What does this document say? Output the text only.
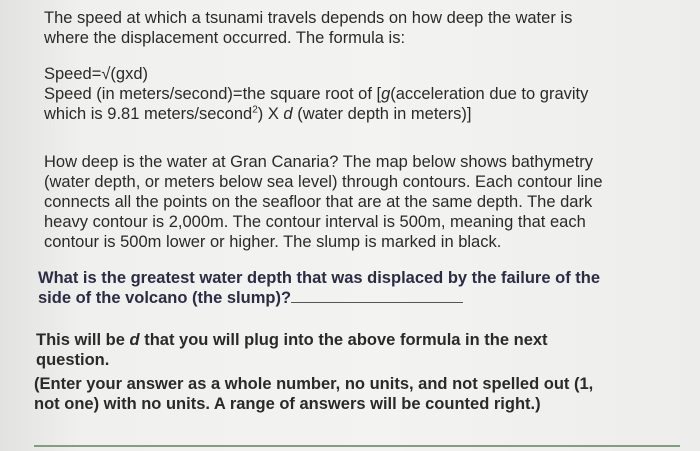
The speed at which a tsunami travels depends on how deep the water is
where the displacement occurred. The formula is:
Speed=√(gxd)
Speed (in meters/second)=the square root of [g(acceleration due to gravity
which is 9.81 meters/second$^2$) X d (water depth in meters)]
How deep is the water at Gran Canaria? The map below shows bathymetry
(water depth, or meters below sea level) through contours. Each contour line
connects all the points on the seafloor that are at the same depth. The dark
heavy contour is 2,000m. The contour interval is 500m, meaning that each
contour is 500m lower or higher. The slump is marked in black.
What is the greatest water depth that was displaced by the failure of the
side of the volcano (the slump)?
This will be d that you will plug into the above formula in the next
question.
(Enter your answer as a whole number, no units, and not spelled out (1,
not one) with no units. A range of answers will be counted right.)
